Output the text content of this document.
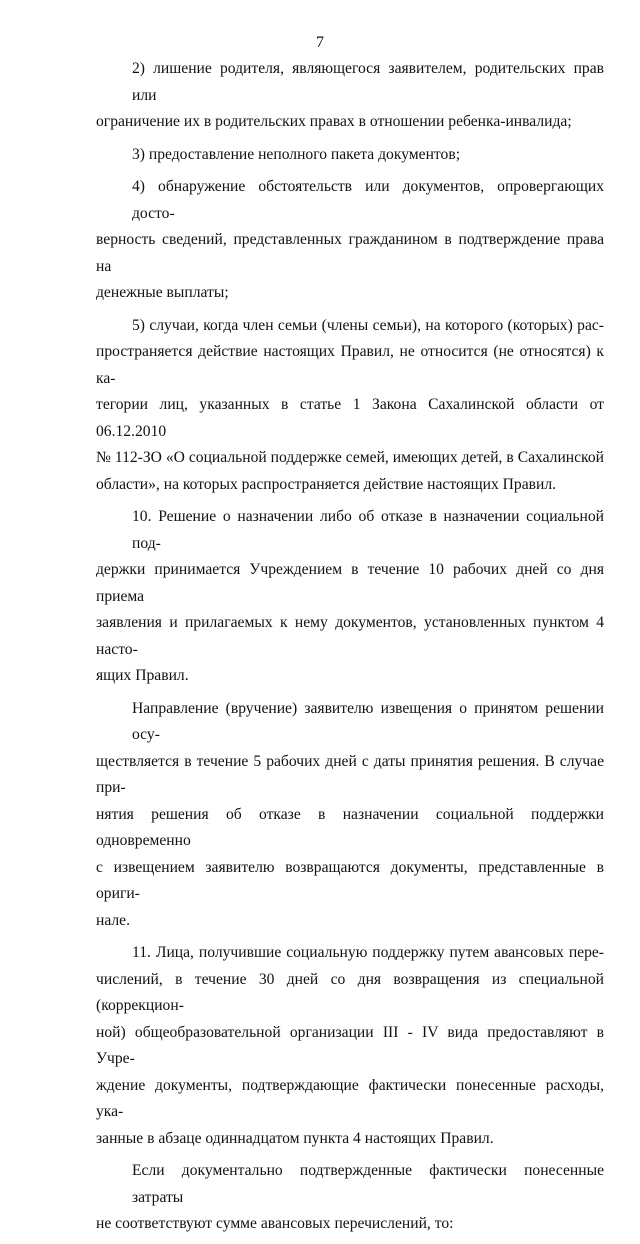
7

2) лишение родителя, являющегося заявителем, родительских прав или
ограничение их в родительских правах в отношении ребенка-инвалида;

3) предоставление неполного пакета документов;

4) обнаружение обстоятельств или документов, опровергающих досто-
верность сведений, представленных гражданином в подтверждение права на
денежные выплаты;

5) случаи, когда член семьи (члены семьи), на которого (которых) рас-
пространяется действие настоящих Правил, не относится (не относятся) к ка-
тегории лиц, указанных в статье 1 Закона Сахалинской области от 06.12.2010
№ 112-ЗО «О социальной поддержке семей, имеющих детей, в Сахалинской
области», на которых распространяется действие настоящих Правил.

10. Решение о назначении либо об отказе в назначении социальной под-
держки принимается Учреждением в течение 10 рабочих дней со дня приема
заявления и прилагаемых к нему документов, установленных пунктом 4 насто-
ящих Правил.

Направление (вручение) заявителю извещения о принятом решении осу-
ществляется в течение 5 рабочих дней с даты принятия решения. В случае при-
нятия решения об отказе в назначении социальной поддержки одновременно
с извещением заявителю возвращаются документы, представленные в ориги-
нале.

11. Лица, получившие социальную поддержку путем авансовых пере-
числений, в течение 30 дней со дня возвращения из специальной (коррекцион-
ной) общеобразовательной организации III - IV вида предоставляют в Учре-
ждение документы, подтверждающие фактически понесенные расходы, ука-
занные в абзаце одиннадцатом пункта 4 настоящих Правил.

Если документально подтвержденные фактически понесенные затраты
не соответствуют сумме авансовых перечислений, то:
